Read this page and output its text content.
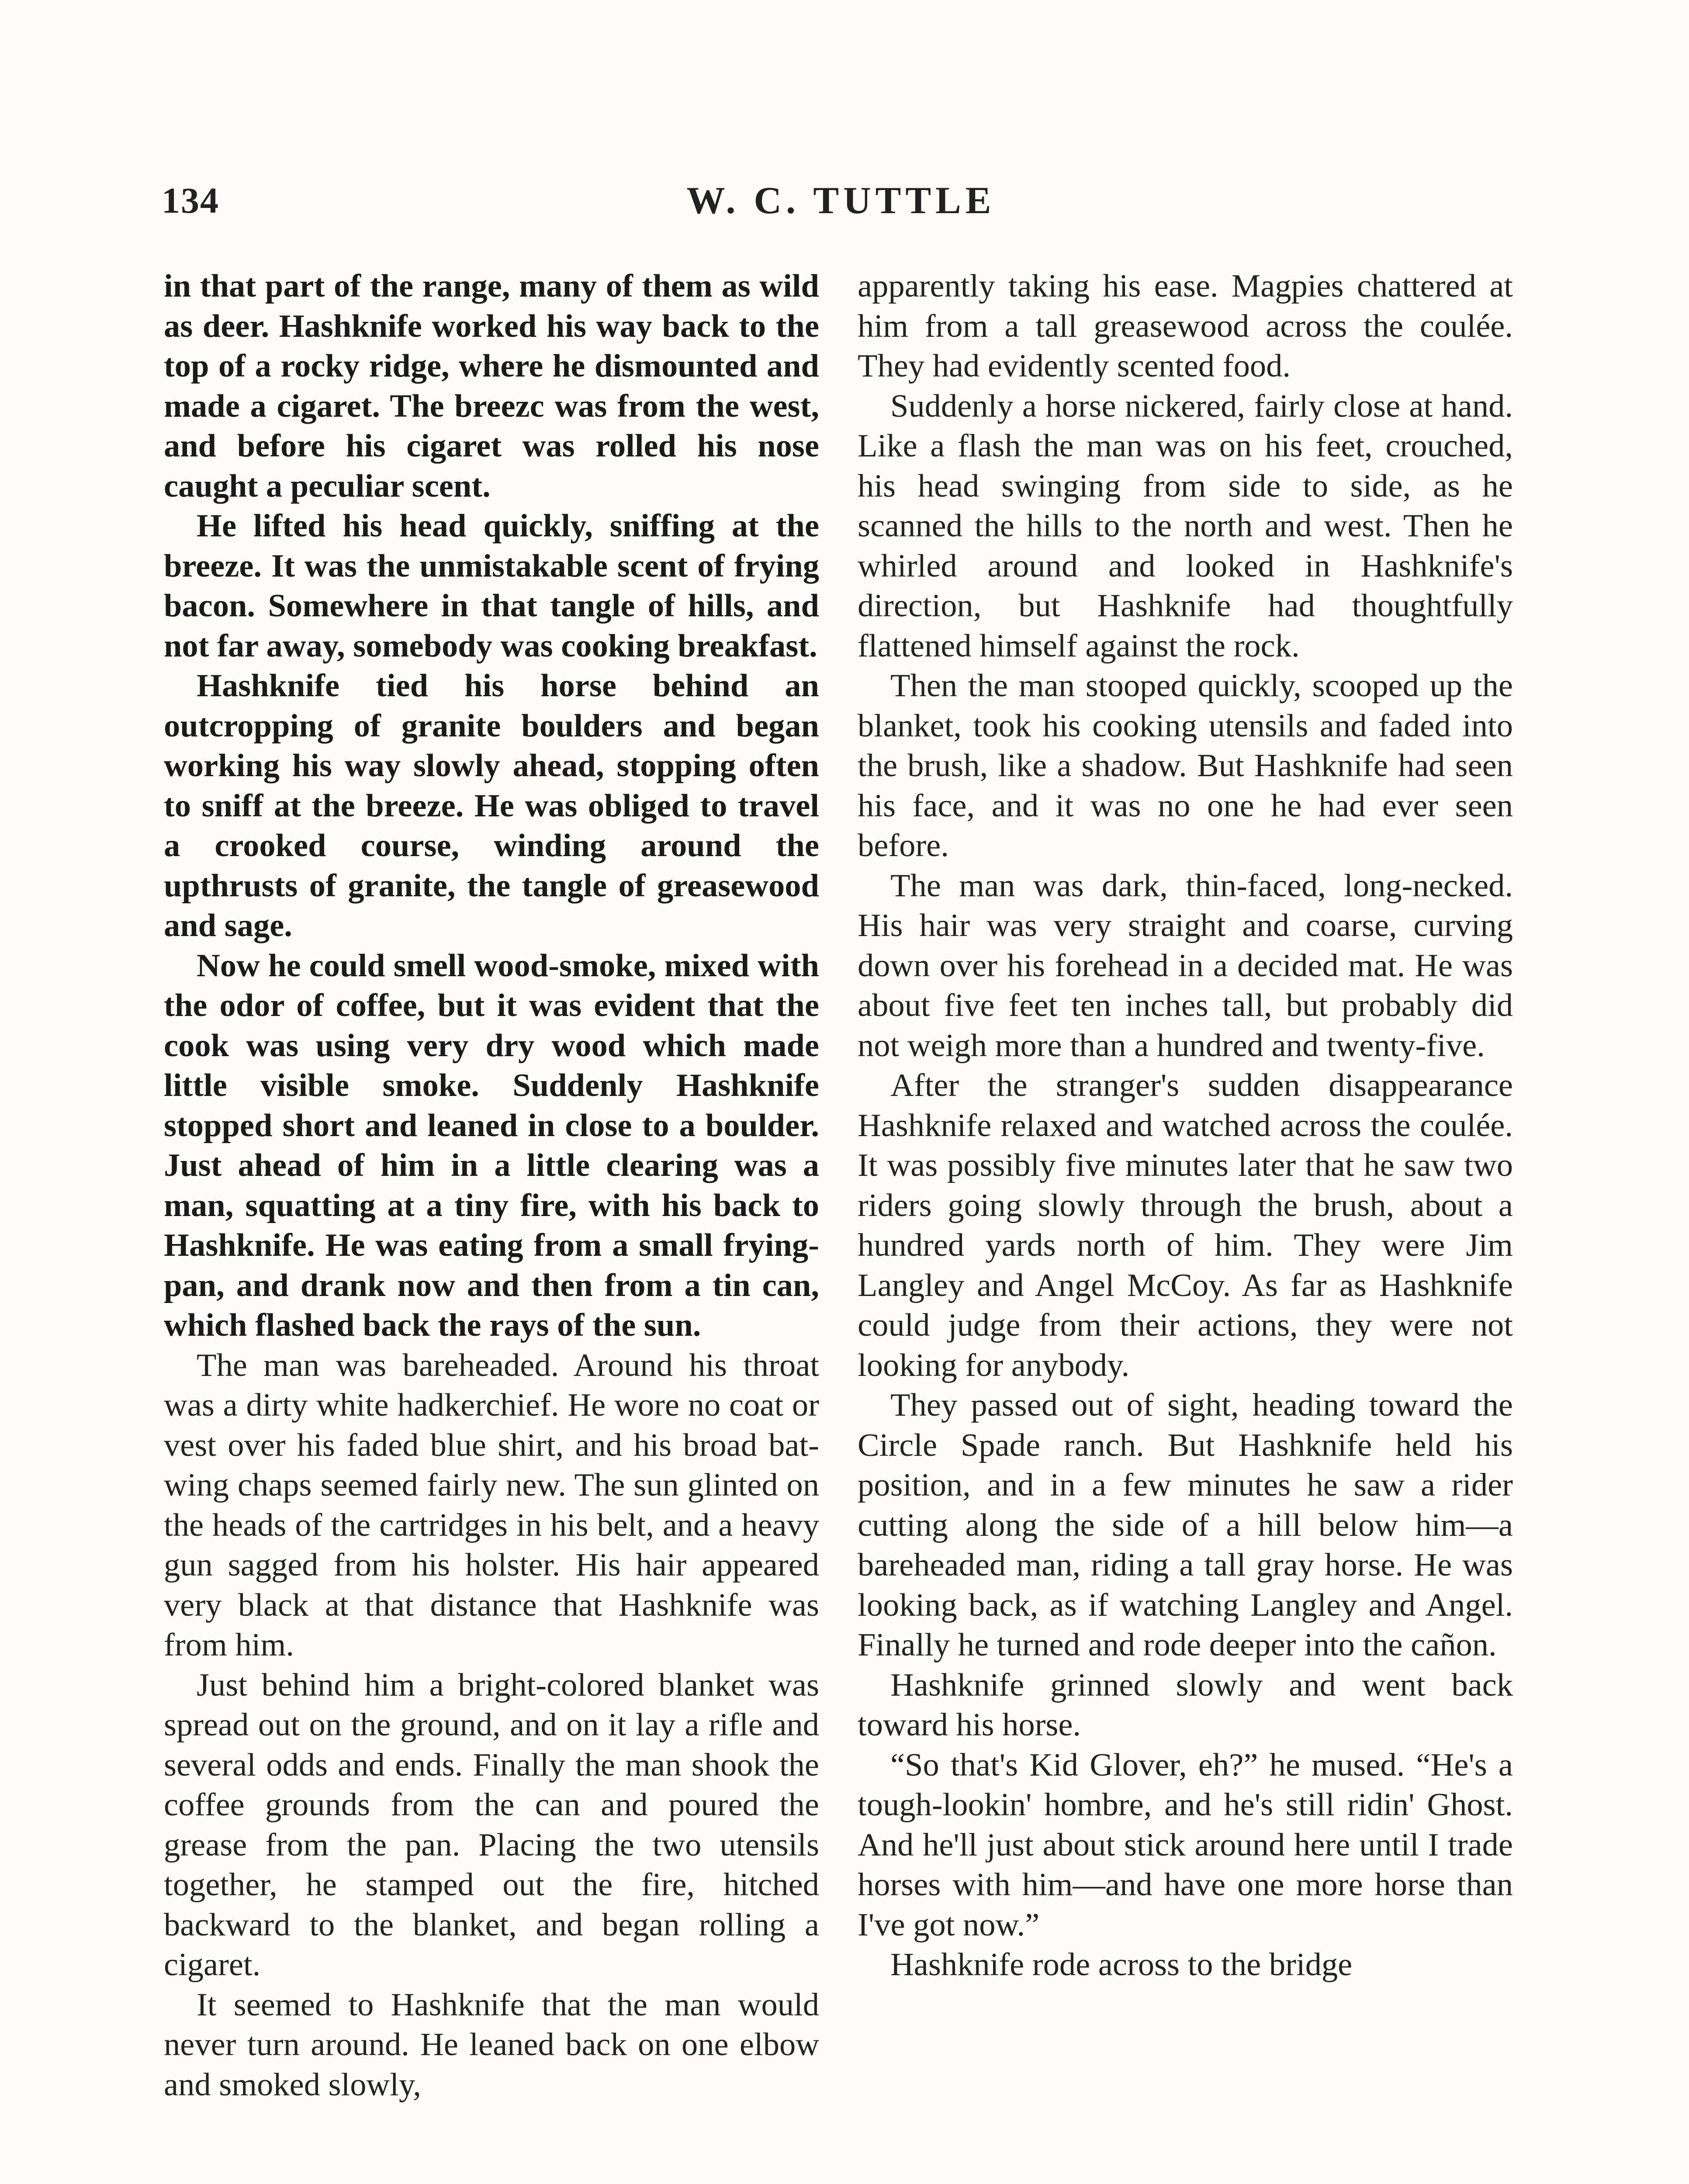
W. C. TUTTLE
134

in that part of the range, many of them as wild as deer. Hashknife worked his way back to the top of a rocky ridge, where he dismounted and made a cigaret. The breezc was from the west, and before his cigaret was rolled his nose caught a peculiar scent.

He lifted his head quickly, sniffing at the breeze. It was the unmistakable scent of frying bacon. Somewhere in that tangle of hills, and not far away, somebody was cooking breakfast.

Hashknife tied his horse behind an outcropping of granite boulders and began working his way slowly ahead, stopping often to sniff at the breeze. He was obliged to travel a crooked course, winding around the upthrusts of granite, the tangle of greasewood and sage.

Now he could smell wood-smoke, mixed with the odor of coffee, but it was evident that the cook was using very dry wood which made little visible smoke. Suddenly Hashknife stopped short and leaned in close to a boulder. Just ahead of him in a little clearing was a man, squatting at a tiny fire, with his back to Hashknife. He was eating from a small frying-pan, and drank now and then from a tin can, which flashed back the rays of the sun.

The man was bareheaded. Around his throat was a dirty white hadkerchief. He wore no coat or vest over his faded blue shirt, and his broad bat-wing chaps seemed fairly new. The sun glinted on the heads of the cartridges in his belt, and a heavy gun sagged from his holster. His hair appeared very black at that distance that Hashknife was from him.

Just behind him a bright-colored blanket was spread out on the ground, and on it lay a rifle and several odds and ends. Finally the man shook the coffee grounds from the can and poured the grease from the pan. Placing the two utensils together, he stamped out the fire, hitched backward to the blanket, and began rolling a cigaret.

It seemed to Hashknife that the man would never turn around. He leaned back on one elbow and smoked slowly,

apparently taking his ease. Magpies chattered at him from a tall greasewood across the coulée. They had evidently scented food.

Suddenly a horse nickered, fairly close at hand. Like a flash the man was on his feet, crouched, his head swinging from side to side, as he scanned the hills to the north and west. Then he whirled around and looked in Hashknife's direction, but Hashknife had thoughtfully flattened himself against the rock.

Then the man stooped quickly, scooped up the blanket, took his cooking utensils and faded into the brush, like a shadow. But Hashknife had seen his face, and it was no one he had ever seen before.

The man was dark, thin-faced, long-necked. His hair was very straight and coarse, curving down over his forehead in a decided mat. He was about five feet ten inches tall, but probably did not weigh more than a hundred and twenty-five.

After the stranger's sudden disappearance Hashknife relaxed and watched across the coulée. It was possibly five minutes later that he saw two riders going slowly through the brush, about a hundred yards north of him. They were Jim Langley and Angel McCoy. As far as Hashknife could judge from their actions, they were not looking for anybody.

They passed out of sight, heading toward the Circle Spade ranch. But Hashknife held his position, and in a few minutes he saw a rider cutting along the side of a hill below him—a bareheaded man, riding a tall gray horse. He was looking back, as if watching Langley and Angel. Finally he turned and rode deeper into the cañon.

Hashknife grinned slowly and went back toward his horse.

“So that's Kid Glover, eh?” he mused. “He's a tough-lookin' hombre, and he's still ridin' Ghost. And he'll just about stick around here until I trade horses with him—and have one more horse than I've got now.”

Hashknife rode across to the bridge
